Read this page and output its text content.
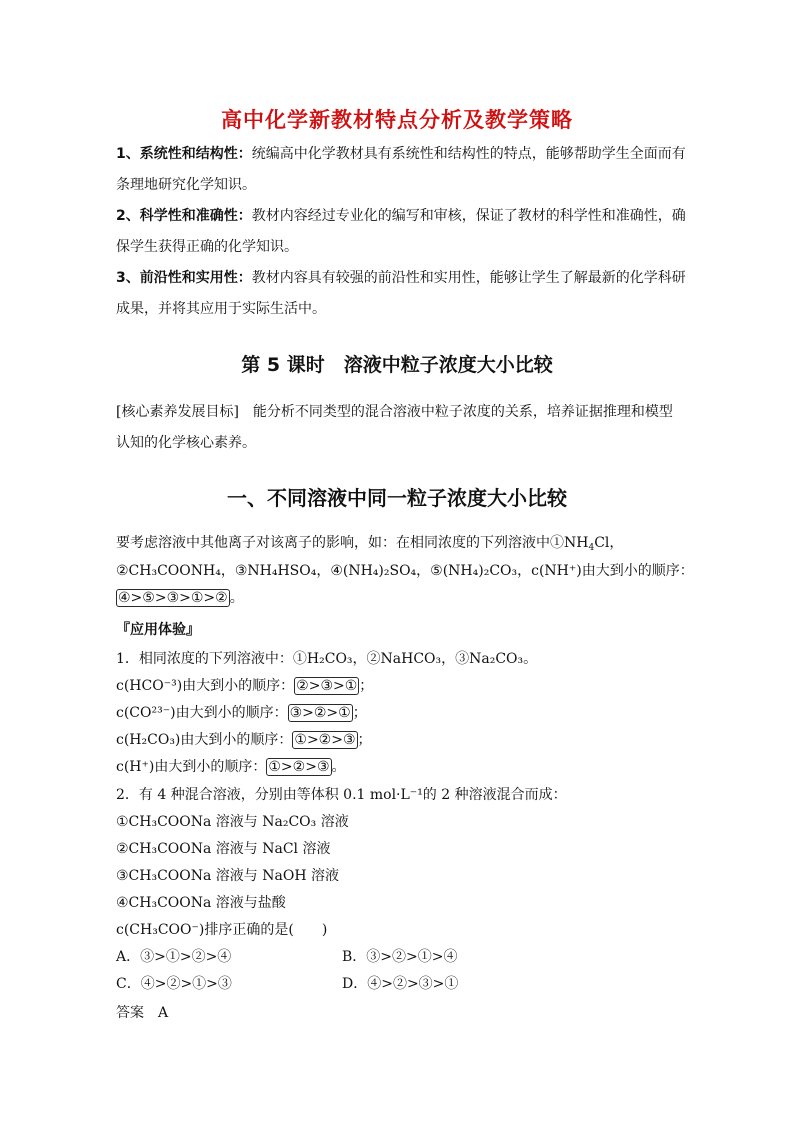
高中化学新教材特点分析及教学策略
1、系统性和结构性：统编高中化学教材具有系统性和结构性的特点，能够帮助学生全面而有条理地研究化学知识。
2、科学性和准确性：教材内容经过专业化的编写和审核，保证了教材的科学性和准确性，确保学生获得正确的化学知识。
3、前沿性和实用性：教材内容具有较强的前沿性和实用性，能够让学生了解最新的化学科研成果，并将其应用于实际生活中。
第 5 课时　溶液中粒子浓度大小比较
[核心素养发展目标]　能分析不同类型的混合溶液中粒子浓度的关系，培养证据推理和模型认知的化学核心素养。
一、不同溶液中同一粒子浓度大小比较
要考虑溶液中其他离子对该离子的影响，如：在相同浓度的下列溶液中$①NH_4Cl$，
②CH₃COONH₄，③NH₄HSO₄，④(NH₄)₂SO₄，⑤(NH₄)₂CO₃，c(NH⁺)由大到小的顺序：
④>⑤>③>①>② 。
『应用体验』
1．相同浓度的下列溶液中：①H₂CO₃，②NaHCO₃，③Na₂CO₃。
c(HCO⁻³)由大到小的顺序： ②>③>① ；
c(CO²³⁻)由大到小的顺序： ③>②>① ；
c(H₂CO₃)由大到小的顺序： ①>②>③ ；
c(H⁺)由大到小的顺序： ①>②>③ 。
2．有 4 种混合溶液，分别由等体积 0.1 mol·L⁻¹的 2 种溶液混合而成：
①CH₃COONa 溶液与 Na₂CO₃ 溶液
②CH₃COONa 溶液与 NaCl 溶液
③CH₃COONa 溶液与 NaOH 溶液
④CH₃COONa 溶液与盐酸
c(CH₃COO⁻)排序正确的是(　　)
A．③>①>②>④	B．③>②>①>④
C．④>②>①>③	D．④>②>③>①
答案　A
